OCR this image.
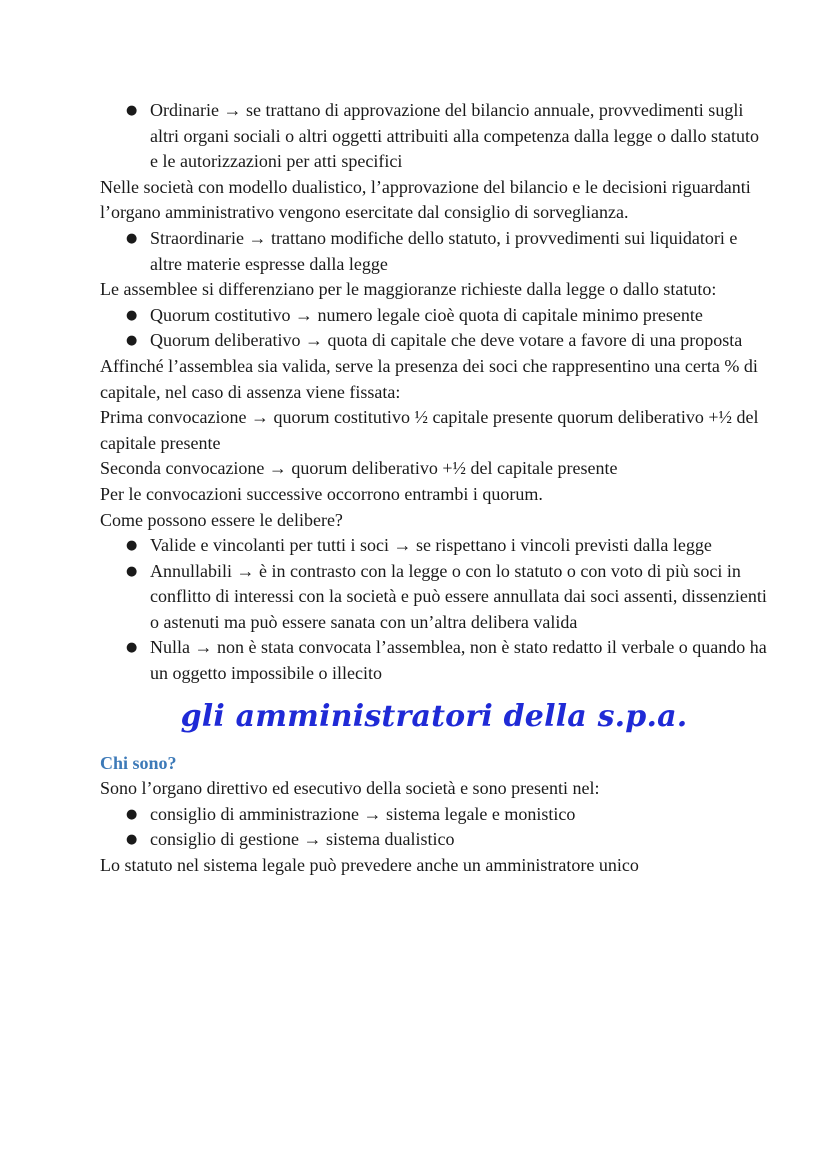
● Ordinarie → se trattano di approvazione del bilancio annuale, provvedimenti sugli altri organi sociali o altri oggetti attribuiti alla competenza dalla legge o dallo statuto e le autorizzazioni per atti specifici

Nelle società con modello dualistico, l’approvazione del bilancio e le decisioni riguardanti l’organo amministrativo vengono esercitate dal consiglio di sorveglianza.

● Straordinarie → trattano modifiche dello statuto, i provvedimenti sui liquidatori e altre materie espresse dalla legge

Le assemblee si differenziano per le maggioranze richieste dalla legge o dallo statuto:

● Quorum costitutivo → numero legale cioè quota di capitale minimo presente
● Quorum deliberativo → quota di capitale che deve votare a favore di una proposta

Affinché l’assemblea sia valida, serve la presenza dei soci che rappresentino una certa % di capitale, nel caso di assenza viene fissata:

Prima convocazione → quorum costitutivo ½ capitale presente quorum deliberativo +½ del capitale presente

Seconda convocazione → quorum deliberativo +½ del capitale presente

Per le convocazioni successive occorrono entrambi i quorum.

Come possono essere le delibere?

● Valide e vincolanti per tutti i soci → se rispettano i vincoli previsti dalla legge
● Annullabili → è in contrasto con la legge o con lo statuto o con voto di più soci in conflitto di interessi con la società e può essere annullata dai soci assenti, dissenzienti o astenuti ma può essere sanata con un’altra delibera valida
● Nulla → non è stata convocata l’assemblea, non è stato redatto il verbale o quando ha un oggetto impossibile o illecito
gli amministratori della s.p.a.

Chi sono?

Sono l’organo direttivo ed esecutivo della società e sono presenti nel:

● consiglio di amministrazione → sistema legale e monistico
● consiglio di gestione → sistema dualistico

Lo statuto nel sistema legale può prevedere anche un amministratore unico
